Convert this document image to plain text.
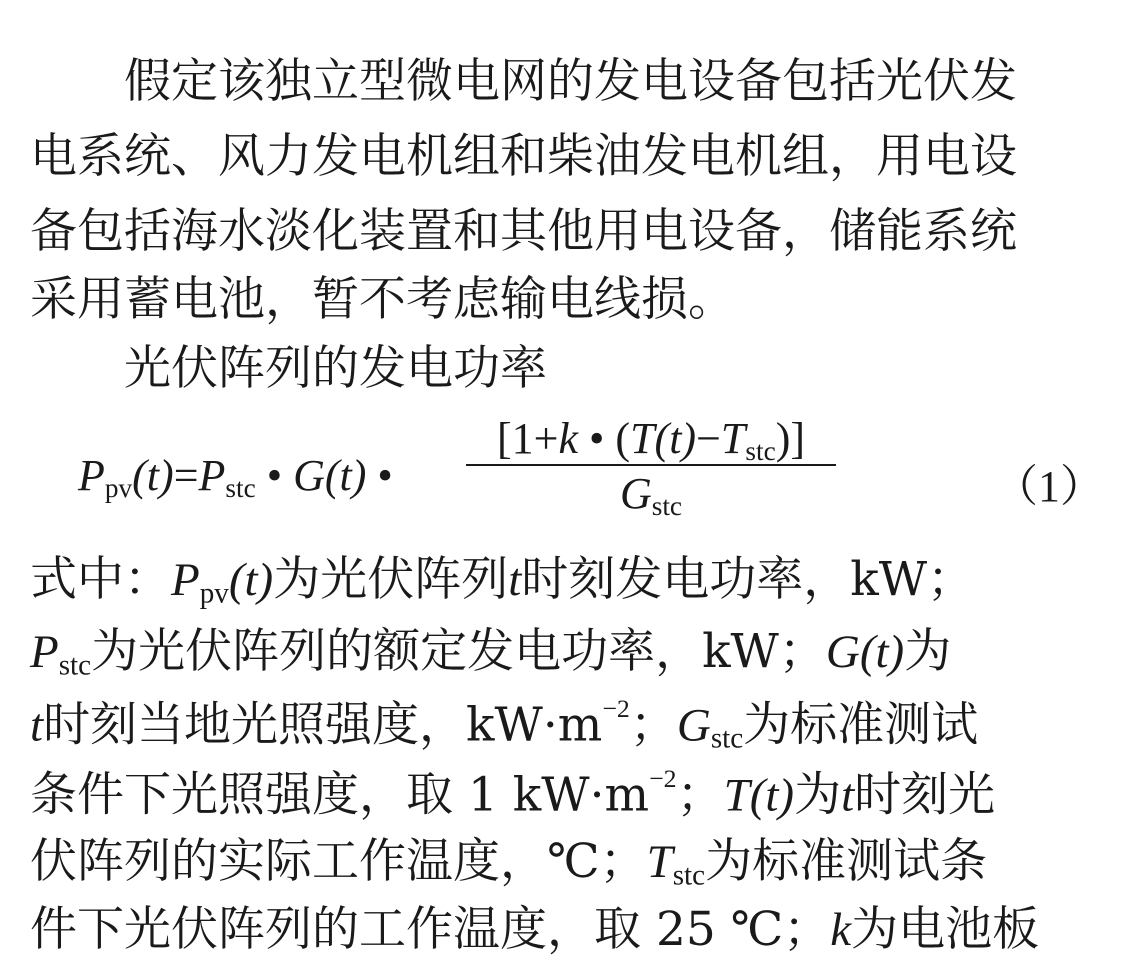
假定该独立型微电网的发电设备包括光伏发
电系统、风力发电机组和柴油发电机组，用电设
备包括海水淡化装置和其他用电设备，储能系统
采用蓄电池，暂不考虑输电线损。
光伏阵列的发电功率
$P_{pv}(t)=P_{stc}$ • G(t) •
[1+k • $(T(t)-T_{stc})$]
$G_{stc}$	（1）
式中：$P_{pv}(t)$为光伏阵列t时刻发电功率，kW；
$P_{stc}$为光伏阵列的额定发电功率，kW；G(t)为
t时刻当地光照强度，$kW\cdot m^{-2}$；$G_{stc}$为标准测试
条件下光照强度，取 1 $kW\cdot m^{-2}$；T(t)为t时刻光
伏阵列的实际工作温度，℃；$T_{stc}$为标准测试条
件下光伏阵列的工作温度，取 25 ℃；k为电池板
